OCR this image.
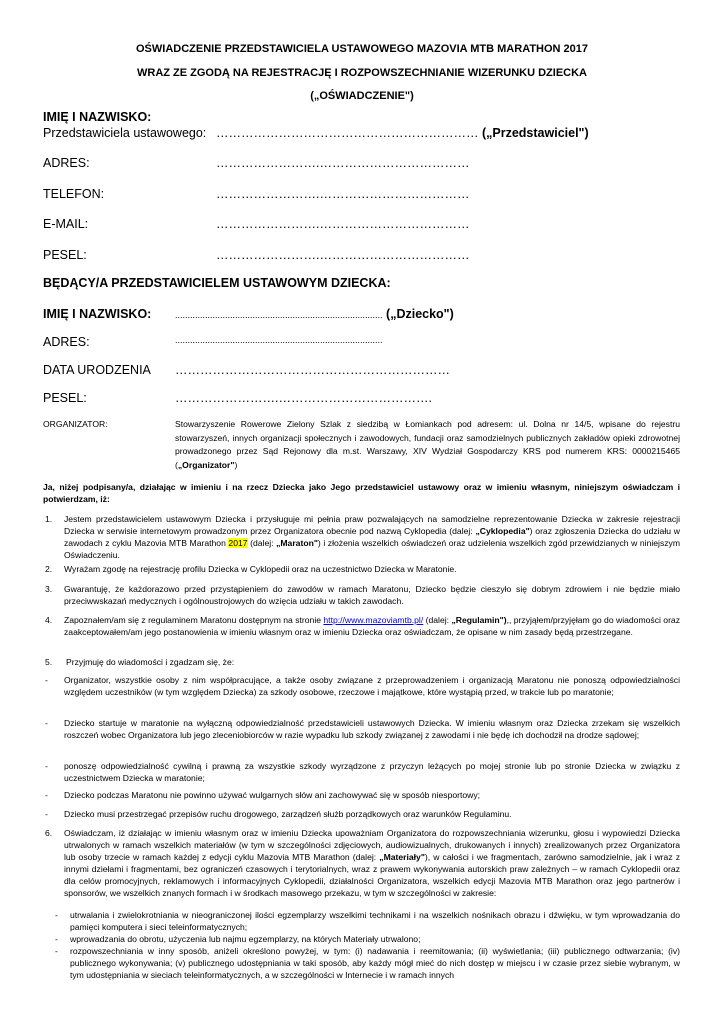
OŚWIADCZENIE PRZEDSTAWICIELA USTAWOWEGO MAZOVIA MTB MARATHON 2017
WRAZ ZE ZGODĄ NA REJESTRACJĘ I ROZPOWSZECHNIANIE WIZERUNKU DZIECKA
(„OŚWIADCZENIE")
IMIĘ I NAZWISKO:
Przedstawiciela ustawowego: ……………………………………………………… („Przedstawiciel")
ADRES:	…………………….………………………………
TELEFON:	…………………….………………………………
E-MAIL:	…………………….………………………………
PESEL:	…………………….………………………………
BĘDĄCY/A PRZEDSTAWICIELEM USTAWOWYM DZIECKA:
IMIĘ I NAZWISKO:	................................................................................... („Dziecko")
ADRES:	...................................................................................
DATA URODZENIA …………………………………………………………
PESEL:	…………………….……………………………….
ORGANIZATOR:	Stowarzyszenie Rowerowe Zielony Szlak z siedzibą w Łomiankach pod adresem: ul. Dolna nr 14/5, wpisane do rejestru stowarzyszeń, innych organizacji społecznych i zawodowych, fundacji oraz samodzielnych publicznych zakładów opieki zdrowotnej prowadzonego przez Sąd Rejonowy dla m.st. Warszawy, XIV Wydział Gospodarczy KRS pod numerem KRS: 0000215465 („Organizator")
Ja, niżej podpisany/a, działając w imieniu i na rzecz Dziecka jako Jego przedstawiciel ustawowy oraz w imieniu własnym, niniejszym oświadczam i potwierdzam, iż:
1. Jestem przedstawicielem ustawowym Dziecka i przysługuje mi pełnia praw pozwalających na samodzielne reprezentowanie Dziecka w zakresie rejestracji Dziecka w serwisie internetowym prowadzonym przez Organizatora obecnie pod nazwą Cyklopedia (dalej: „Cyklopedia") oraz zgłoszenia Dziecka do udziału w zawodach z cyklu Mazovia MTB Marathon 2017 (dalej: „Maraton") i złożenia wszelkich oświadczeń oraz udzielenia wszelkich zgód przewidzianych w niniejszym Oświadczeniu.
2. Wyrażam zgodę na rejestrację profilu Dziecka w Cyklopedii oraz na uczestnictwo Dziecka w Maratonie.
3. Gwarantuję, że każdorazowo przed przystąpieniem do zawodów w ramach Maratonu, Dziecko będzie cieszyło się dobrym zdrowiem i nie będzie miało przeciwwskazań medycznych i ogólnoustrojowych do wzięcia udziału w takich zawodach.
4. Zapoznałem/am się z regulaminem Maratonu dostępnym na stronie http://www.mazoviamtb.pl/ (dalej: „Regulamin"),, przyjąłem/przyjęłam go do wiadomości oraz zaakceptowałem/am jego postanowienia w imieniu własnym oraz w imieniu Dziecka oraz oświadczam, że opisane w nim zasady będą przestrzegane.
5. Przyjmuję do wiadomości i zgadzam się, że:
- Organizator, wszystkie osoby z nim współpracujące, a także osoby związane z przeprowadzeniem i organizacją Maratonu nie ponoszą odpowiedzialności względem uczestników (w tym względem Dziecka) za szkody osobowe, rzeczowe i majątkowe, które wystąpią przed, w trakcie lub po maratonie;
- Dziecko startuje w maratonie na wyłączną odpowiedzialność przedstawicieli ustawowych Dziecka. W imieniu własnym oraz Dziecka zrzekam się wszelkich roszczeń wobec Organizatora lub jego zleceniobiorców w razie wypadku lub szkody związanej z zawodami i nie będę ich dochodził na drodze sądowej;
- ponoszę odpowiedzialność cywilną i prawną za wszystkie szkody wyrządzone z przyczyn leżących po mojej stronie lub po stronie Dziecka w związku z uczestnictwem Dziecka w maratonie;
- Dziecko podczas Maratonu nie powinno używać wulgarnych słów ani zachowywać się w sposób niesportowy;
- Dziecko musi przestrzegać przepisów ruchu drogowego, zarządzeń służb porządkowych oraz warunków Regulaminu.
6. Oświadczam, iż działając w imieniu własnym oraz w imieniu Dziecka upoważniam Organizatora do rozpowszechniania wizerunku, głosu i wypowiedzi Dziecka utrwalonych w ramach wszelkich materiałów (w tym w szczególności zdjęciowych, audiowizualnych, drukowanych i innych) zrealizowanych przez Organizatora lub osoby trzecie w ramach każdej z edycji cyklu Mazovia MTB Marathon (dalej: „Materiały"), w całości i we fragmentach, zarówno samodzielnie, jak i wraz z innymi dziełami i fragmentami, bez ograniczeń czasowych i terytorialnych, wraz z prawem wykonywania autorskich praw zależnych – w ramach Cyklopedii oraz dla celów promocyjnych, reklamowych i informacyjnych Cyklopedii, działalności Organizatora, wszelkich edycji Mazovia MTB Marathon oraz jego partnerów i sponsorów, we wszelkich znanych formach i w środkach masowego przekazu, w tym w szczególności w zakresie:
- utrwalania i zwielokrotniania w nieograniczonej ilości egzemplarzy wszelkimi technikami i na wszelkich nośnikach obrazu i dźwięku, w tym wprowadzania do pamięci komputera i sieci teleinformatycznych;
- wprowadzania do obrotu, użyczenia lub najmu egzemplarzy, na których Materiały utrwalono;
- rozpowszechniania w inny sposób, aniżeli określono powyżej, w tym: (i) nadawania i reemitowania; (ii) wyświetlania; (iii) publicznego odtwarzania; (iv) publicznego wykonywania; (v) publicznego udostępniania w taki sposób, aby każdy mógł mieć do nich dostęp w miejscu i w czasie przez siebie wybranym, w tym udostępniania w sieciach teleinformatycznych, a w szczególności w Internecie i w ramach innych
